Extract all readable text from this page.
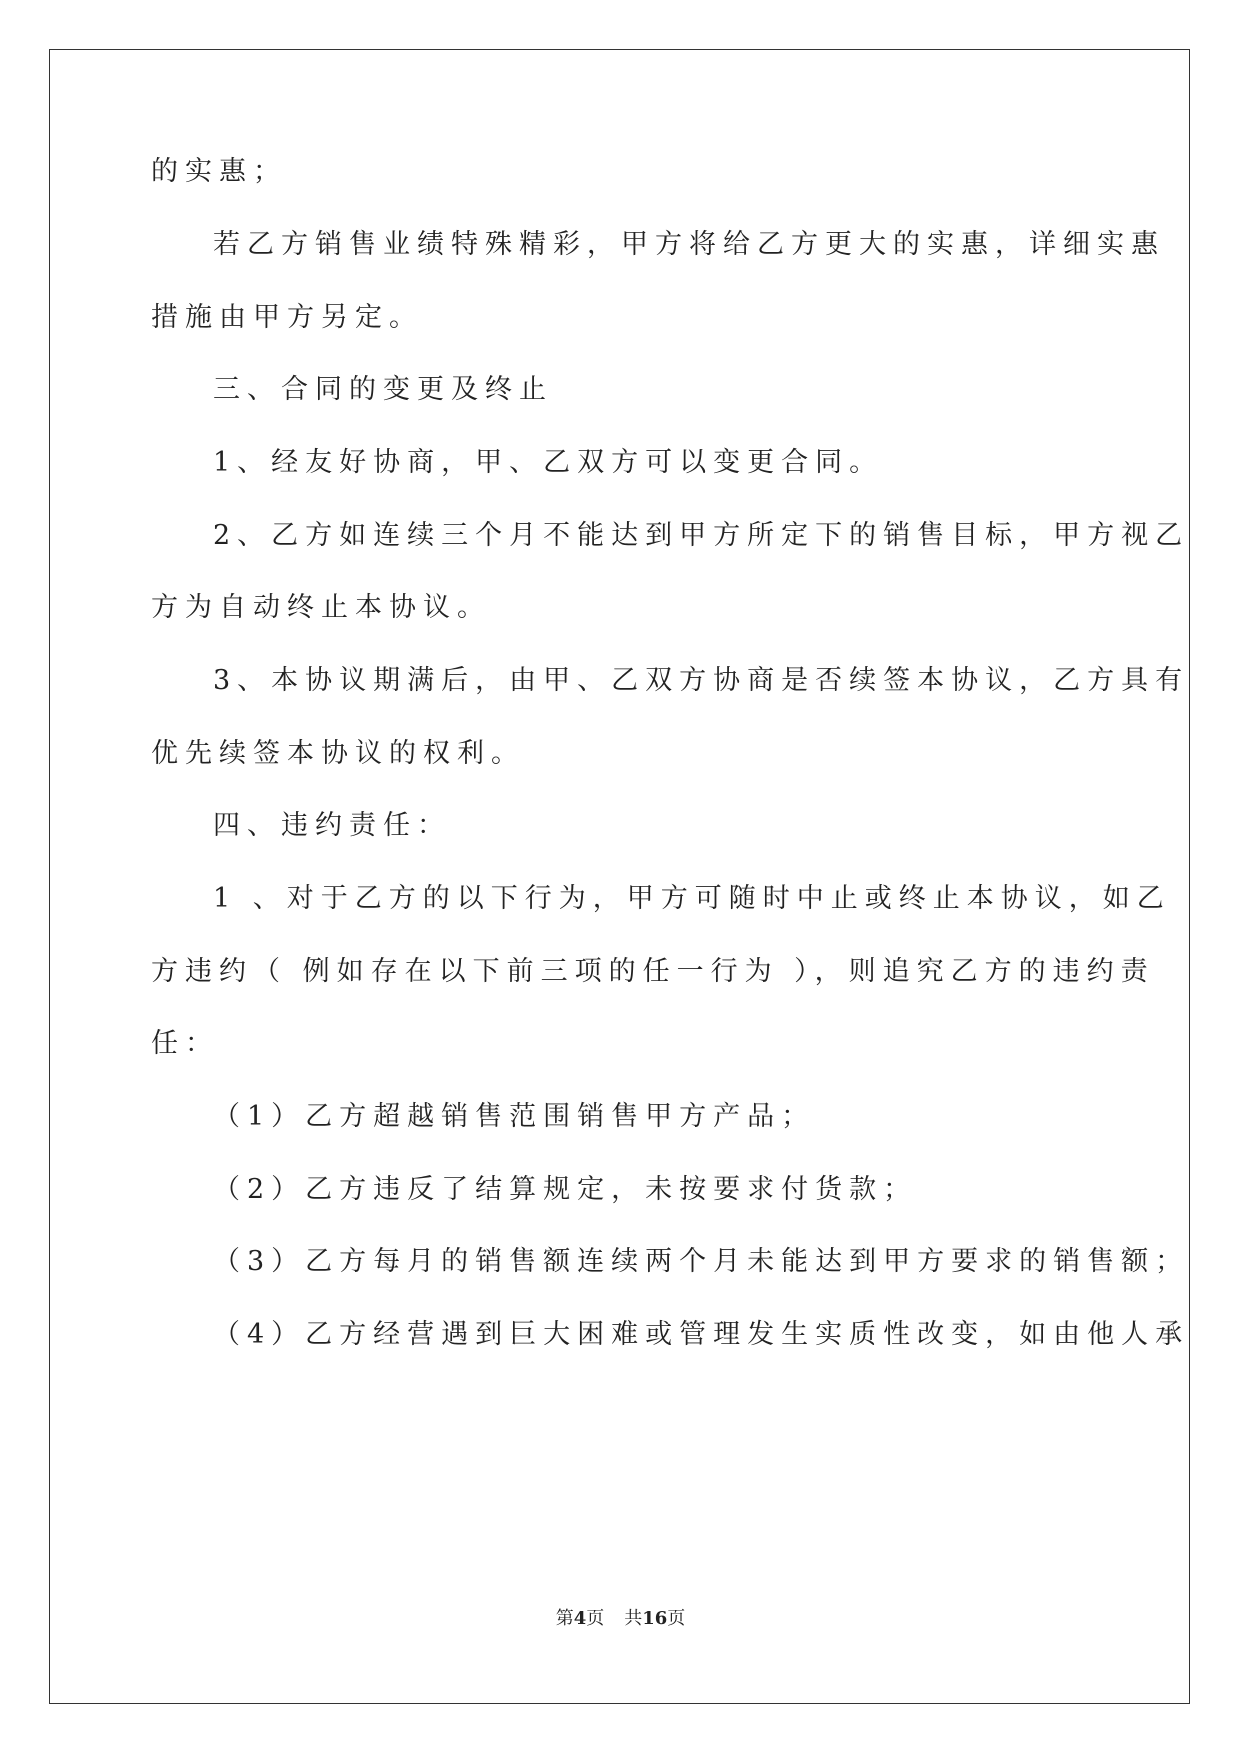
的实惠；
若乙方销售业绩特殊精彩，甲方将给乙方更大的实惠，详细实惠
措施由甲方另定。
三、合同的变更及终止
1、经友好协商，甲、乙双方可以变更合同。
2、乙方如连续三个月不能达到甲方所定下的销售目标，甲方视乙
方为自动终止本协议。
3、本协议期满后，由甲、乙双方协商是否续签本协议，乙方具有
优先续签本协议的权利。
四、违约责任：
1 、对于乙方的以下行为，甲方可随时中止或终止本协议，如乙
方违约（ 例如存在以下前三项的任一行为 ），则追究乙方的违约责
任：
（1）乙方超越销售范围销售甲方产品；
（2）乙方违反了结算规定，未按要求付货款；
（3）乙方每月的销售额连续两个月未能达到甲方要求的销售额；
（4）乙方经营遇到巨大困难或管理发生实质性改变，如由他人承
第4页 共16页
